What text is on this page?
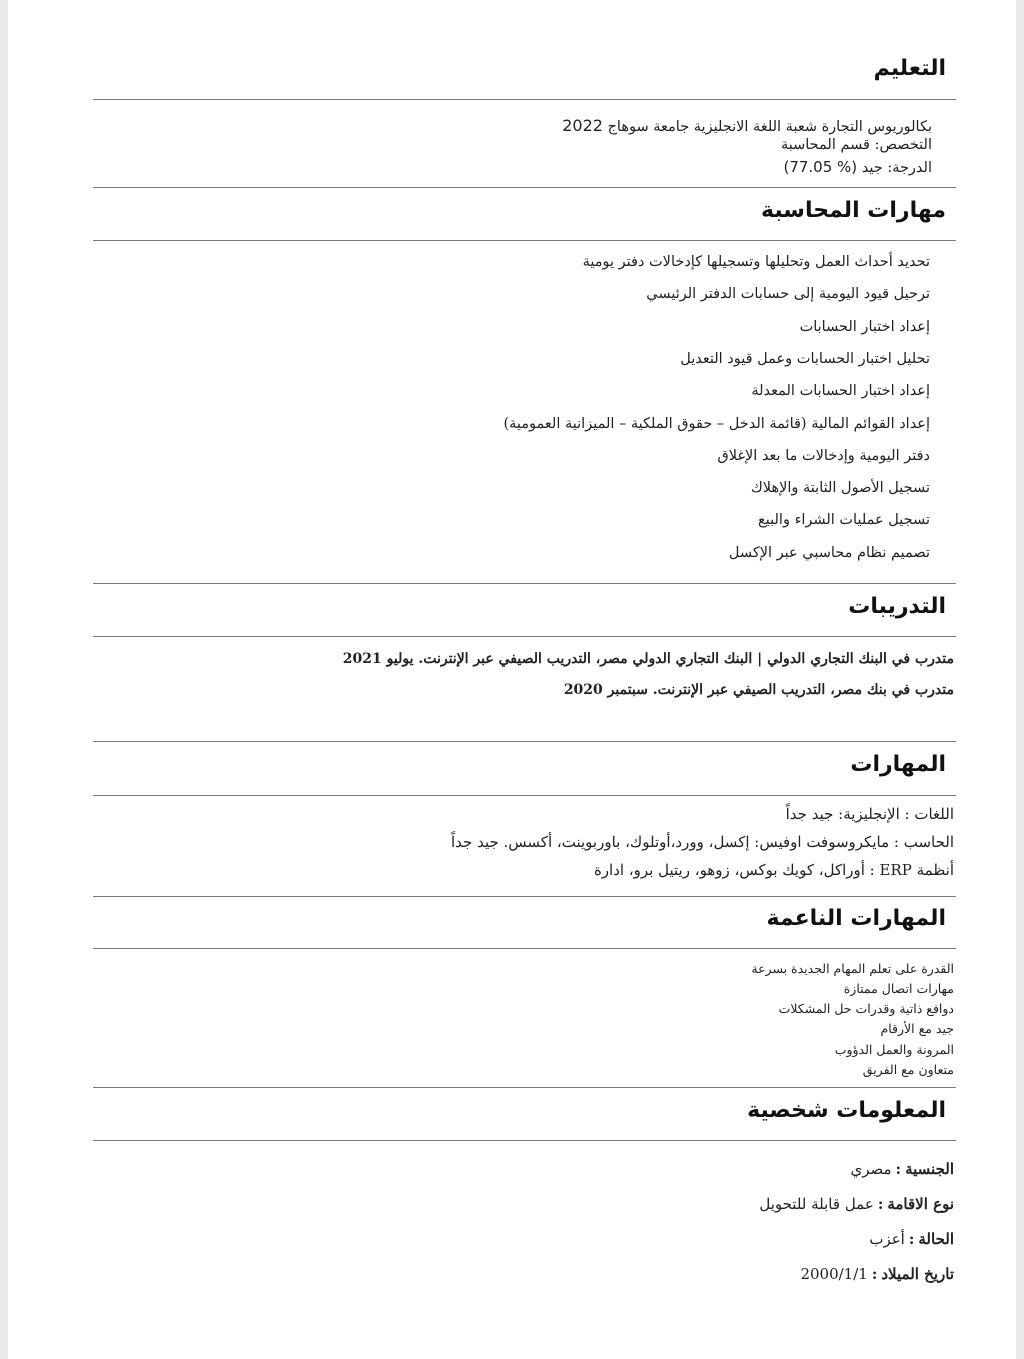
التعليم
بكالوريوس التجارة شعبة اللغة الانجليزية جامعة سوهاج 2022
التخصص: قسم المحاسبة
الدرجة: جيد (77.05 %)
مهارات المحاسبة
تحديد أحداث العمل وتحليلها وتسجيلها كإدخالات دفتر يومية
ترحيل قيود اليومية إلى حسابات الدفتر الرئيسي
إعداد اختبار الحسابات
تحليل اختبار الحسابات وعمل قيود التعديل
إعداد اختبار الحسابات المعدلة
إعداد القوائم المالية (قائمة الدخل – حقوق الملكية – الميزانية العمومية)
دفتر اليومية وإدخالات ما بعد الإغلاق
تسجيل الأصول الثابتة والإهلاك
تسجيل عمليات الشراء والبيع
تصميم نظام محاسبي عبر الإكسل
التدريبات
متدرب في البنك التجاري الدولي | البنك التجاري الدولي مصر، التدريب الصيفي عبر الإنترنت. يوليو 2021
متدرب في بنك مصر، التدريب الصيفي عبر الإنترنت. سبتمبر 2020
المهارات
اللغات : الإنجليزية: جيد جداً
الحاسب : مايكروسوفت اوفيس: إكسل، وورد،أوتلوك، باوربوينت، أكسس. جيد جداً
أنظمة ERP : أوراكل، كويك بوكس، زوهو، ريتيل برو، ادارة
المهارات الناعمة
القدرة على تعلم المهام الجديدة بسرعة
مهارات اتصال ممتازة
دوافع ذاتية وقدرات حل المشكلات
جيد مع الأرقام
المرونة والعمل الدؤوب
متعاون مع الفريق
المعلومات شخصية
الجنسية:مصري
نوع الاقامة:عمل قابلة للتحويل
الحالة:أعزب
تاريخ الميلاد:2000/1/1
